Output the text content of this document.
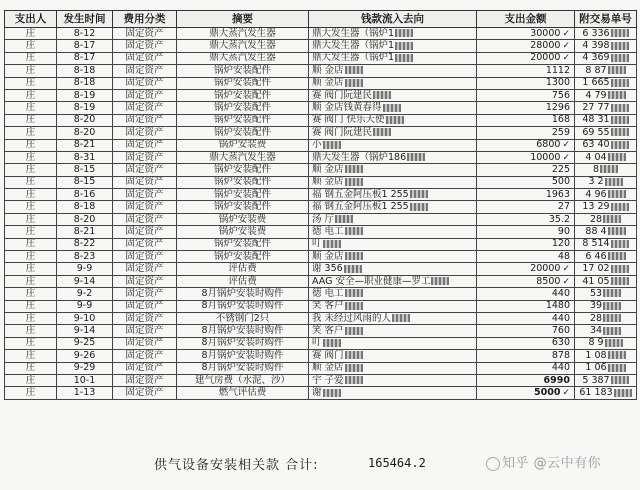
支出人	发生时间	费用分类	摘要	钱款流入去向	支出金额	附交易单号
庄	8-12	固定资产	鼎大蒸汽发生器	鼎大发生器（锅炉1	30000 ✓	6 336
庄	8-17	固定资产	鼎大蒸汽发生器	鼎大发生器（锅炉1	28000 ✓	4 398
庄	8-17	固定资产	鼎大蒸汽发生器	鼎大发生器（锅炉1	20000 ✓	4 369
庄	8-18	固定资产	锅炉安装配件	顺 金店	1112	8 87
庄	8-18	固定资产	锅炉安装配件	顺 金店	1300	1 665
庄	8-19	固定资产	锅炉安装配件	赛 阀门阮建民	756	4 79
庄	8-19	固定资产	锅炉安装配件	顺 金店钱黄春得	1296	27 77
庄	8-20	固定资产	锅炉安装配件	赛 阀门 快乐天使	168	48 31
庄	8-20	固定资产	锅炉安装配件	赛 阀门阮建民	259	69 55
庄	8-21	固定资产	锅炉安装费	小	6800 ✓	63 40
庄	8-31	固定资产	鼎大蒸汽发生器	鼎大发生器（锅炉186	10000 ✓	4 04
庄	8-15	固定资产	锅炉安装配件	顺 金店	225	8
庄	8-15	固定资产	锅炉安装配件	顺 金店	500	3 2
庄	8-16	固定资产	锅炉安装配件	福 钢五金阿压板1 255	1963	4 96
庄	8-18	固定资产	锅炉安装配件	福 钢五金阿压板1 255	27	13 29
庄	8-20	固定资产	锅炉安装费	汤 厅	35.2	28
庄	8-21	固定资产	锅炉安装费	德 电工	90	88 4
庄	8-22	固定资产	锅炉安装配件	叮	120	8 514
庄	8-23	固定资产	锅炉安装配件	顺 金店	48	6 46
庄	9-9	固定资产	评估费	谢 356	20000 ✓	17 02
庄	9-14	固定资产	评估费	AAG 安全—职业健康—罗工	8500 ✓	41 05
庄	9-2	固定资产	8月锅炉安装时购件	德 电工	440	53
庄	9-9	固定资产	8月锅炉安装时购件	笑 客户	1480	39
庄	9-10	固定资产	不锈钢门2只	我 未经过风雨的人	440	28
庄	9-14	固定资产	8月锅炉安装时购件	笑 客户	760	34
庄	9-25	固定资产	8月锅炉安装时购件	叮	630	8 9
庄	9-26	固定资产	8月锅炉安装时购件	赛 阀门	878	1 08
庄	9-29	固定资产	8月锅炉安装时购件	顺 金店	440	1 06
庄	10-1	固定资产	建气房费（水泥、沙）	宇 子爱	6990	5 387
庄	1-13	固定资产	燃气评估费	谢	5000 ✓	61 183
供气设备安装相关款 合计:	165464.2	知乎 @云中有你
